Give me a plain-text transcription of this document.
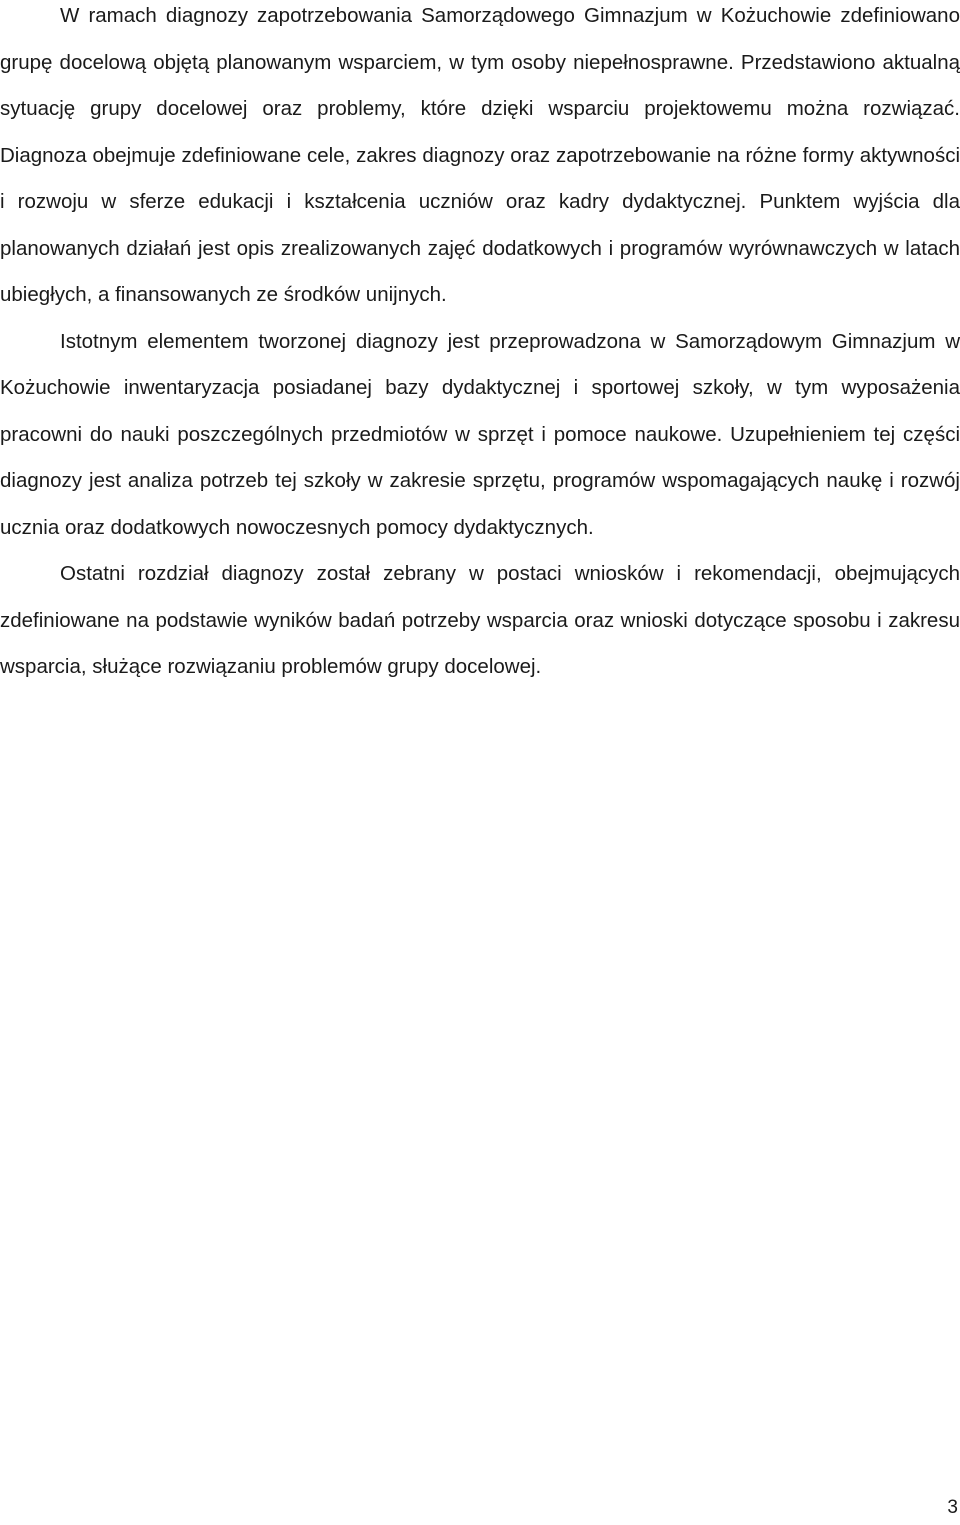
W ramach diagnozy zapotrzebowania Samorządowego Gimnazjum w Kożuchowie zdefiniowano grupę docelową objętą planowanym wsparciem, w tym osoby niepełnosprawne. Przedstawiono aktualną sytuację grupy docelowej oraz problemy, które dzięki wsparciu projektowemu można rozwiązać. Diagnoza obejmuje zdefiniowane cele, zakres diagnozy oraz zapotrzebowanie na różne formy aktywności i rozwoju w sferze edukacji i kształcenia uczniów oraz kadry dydaktycznej. Punktem wyjścia dla planowanych działań jest opis zrealizowanych zajęć dodatkowych i programów wyrównawczych w latach ubiegłych, a finansowanych ze środków unijnych.

Istotnym elementem tworzonej diagnozy jest przeprowadzona w Samorządowym Gimnazjum w Kożuchowie inwentaryzacja posiadanej bazy dydaktycznej i sportowej szkoły, w tym wyposażenia pracowni do nauki poszczególnych przedmiotów w sprzęt i pomoce naukowe. Uzupełnieniem tej części diagnozy jest analiza potrzeb tej szkoły w zakresie sprzętu, programów wspomagających naukę i rozwój ucznia oraz dodatkowych nowoczesnych pomocy dydaktycznych.

Ostatni rozdział diagnozy został zebrany w postaci wniosków i rekomendacji, obejmujących zdefiniowane na podstawie wyników badań potrzeby wsparcia oraz wnioski dotyczące sposobu i zakresu wsparcia, służące rozwiązaniu problemów grupy docelowej.

3
